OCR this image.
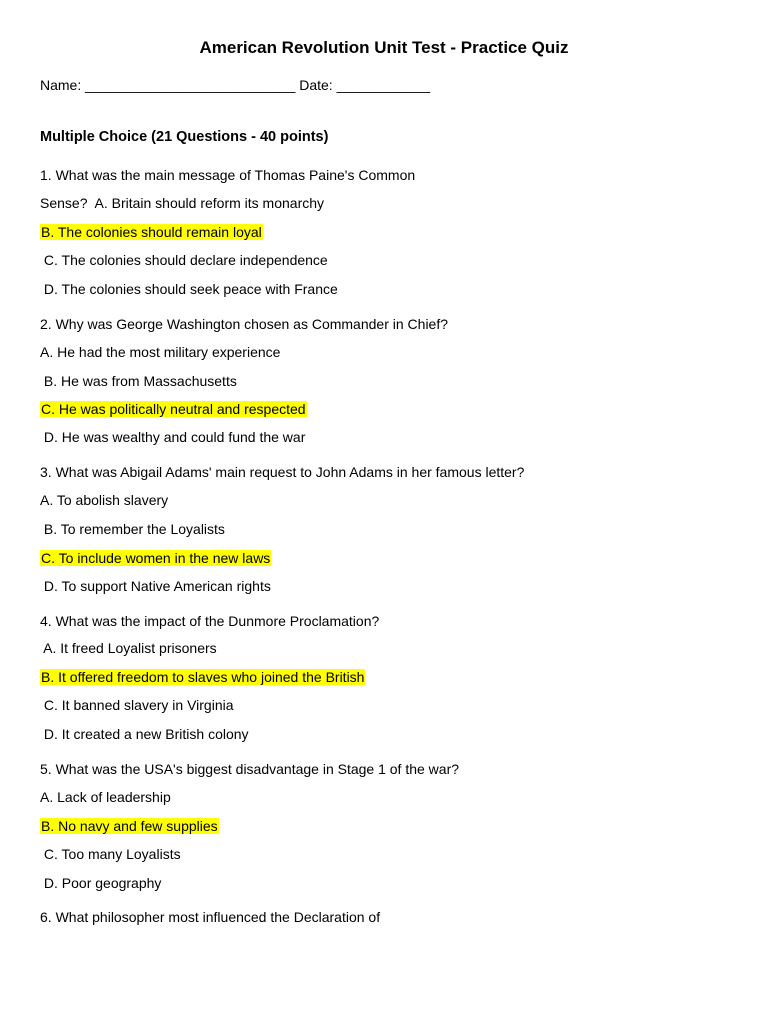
American Revolution Unit Test - Practice Quiz
Name: ___________________________ Date: ____________
Multiple Choice (21 Questions - 40 points)
1. What was the main message of Thomas Paine's Common
Sense?  A. Britain should reform its monarchy
B. The colonies should remain loyal
C. The colonies should declare independence
D. The colonies should seek peace with France
2. Why was George Washington chosen as Commander in Chief?
A. He had the most military experience
B. He was from Massachusetts
C. He was politically neutral and respected
D. He was wealthy and could fund the war
3. What was Abigail Adams' main request to John Adams in her famous letter?
A. To abolish slavery
B. To remember the Loyalists
C. To include women in the new laws
D. To support Native American rights
4. What was the impact of the Dunmore Proclamation?
A. It freed Loyalist prisoners
B. It offered freedom to slaves who joined the British
C. It banned slavery in Virginia
D. It created a new British colony
5. What was the USA's biggest disadvantage in Stage 1 of the war?
A. Lack of leadership
B. No navy and few supplies
C. Too many Loyalists
D. Poor geography
6. What philosopher most influenced the Declaration of
